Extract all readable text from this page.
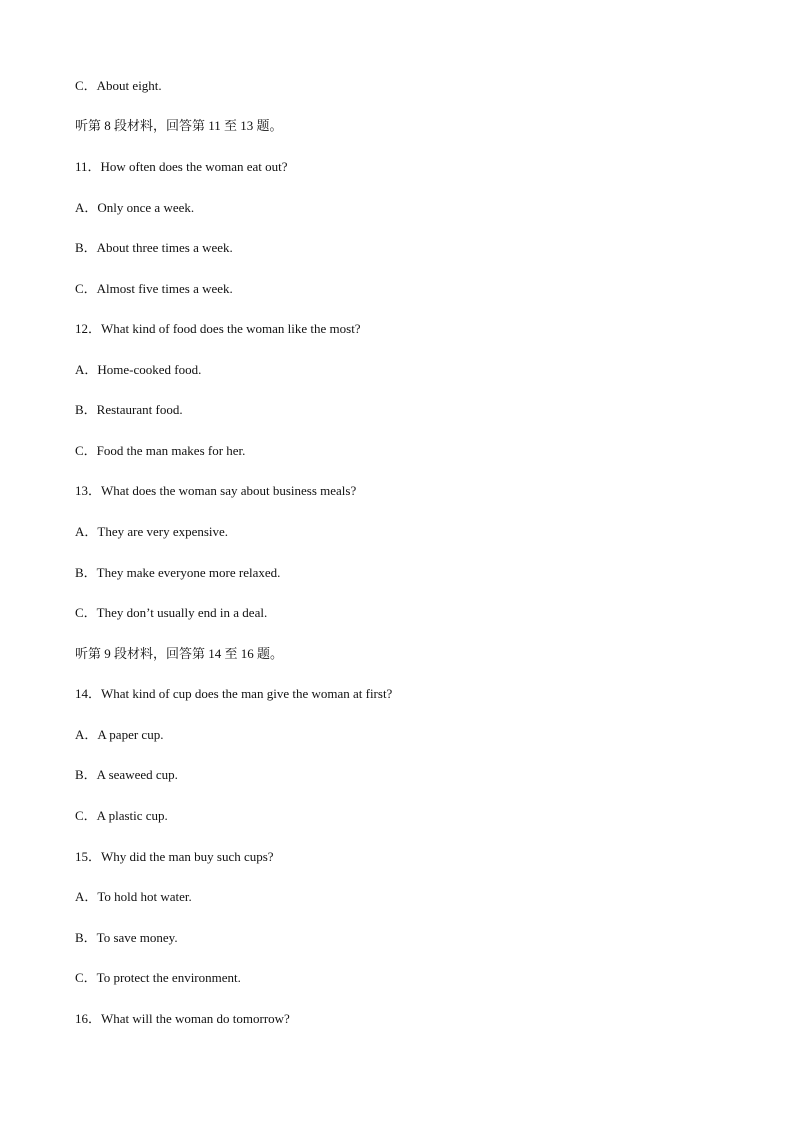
C．About eight.
听第 8 段材料，回答第 11 至 13 题。
11．How often does the woman eat out?
A．Only once a week.
B．About three times a week.
C．Almost five times a week.
12．What kind of food does the woman like the most?
A．Home-cooked food.
B．Restaurant food.
C．Food the man makes for her.
13．What does the woman say about business meals?
A．They are very expensive.
B．They make everyone more relaxed.
C．They don’t usually end in a deal.
听第 9 段材料，回答第 14 至 16 题。
14．What kind of cup does the man give the woman at first?
A．A paper cup.
B．A seaweed cup.
C．A plastic cup.
15．Why did the man buy such cups?
A．To hold hot water.
B．To save money.
C．To protect the environment.
16．What will the woman do tomorrow?
